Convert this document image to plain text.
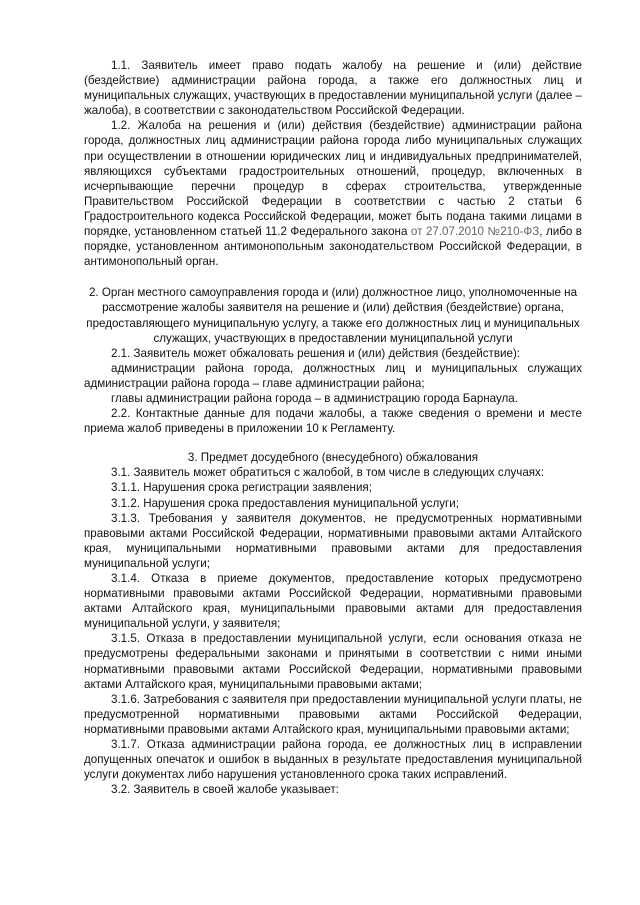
1.1. Заявитель имеет право подать жалобу на решение и (или) действие (бездействие) администрации района города, а также его должностных лиц и муниципальных служащих, участвующих в предоставлении муниципальной услуги (далее – жалоба), в соответствии с законодательством Российской Федерации.

1.2. Жалоба на решения и (или) действия (бездействие) администрации района города, должностных лиц администрации района города либо муниципальных служащих при осуществлении в отношении юридических лиц и индивидуальных предпринимателей, являющихся субъектами градостроительных отношений, процедур, включенных в исчерпывающие перечни процедур в сферах строительства, утвержденные Правительством Российской Федерации в соответствии с частью 2 статьи 6 Градостроительного кодекса Российской Федерации, может быть подана такими лицами в порядке, установленном статьей 11.2 Федерального закона от 27.07.2010 №210-ФЗ, либо в порядке, установленном антимонопольным законодательством Российской Федерации, в антимонопольный орган.

2. Орган местного самоуправления города и (или) должностное лицо, уполномоченные на рассмотрение жалобы заявителя на решение и (или) действия (бездействие) органа, предоставляющего муниципальную услугу, а также его должностных лиц и муниципальных служащих, участвующих в предоставлении муниципальной услуги

2.1. Заявитель может обжаловать решения и (или) действия (бездействие):

администрации района города, должностных лиц и муниципальных служащих администрации района города – главе администрации района;

главы администрации района города – в администрацию города Барнаула.

2.2. Контактные данные для подачи жалобы, а также сведения о времени и месте приема жалоб приведены в приложении 10 к Регламенту.

3. Предмет досудебного (внесудебного) обжалования

3.1. Заявитель может обратиться с жалобой, в том числе в следующих случаях:

3.1.1. Нарушения срока регистрации заявления;

3.1.2. Нарушения срока предоставления муниципальной услуги;

3.1.3. Требования у заявителя документов, не предусмотренных нормативными правовыми актами Российской Федерации, нормативными правовыми актами Алтайского края, муниципальными нормативными правовыми актами для предоставления муниципальной услуги;

3.1.4. Отказа в приеме документов, предоставление которых предусмотрено нормативными правовыми актами Российской Федерации, нормативными правовыми актами Алтайского края, муниципальными правовыми актами для предоставления муниципальной услуги, у заявителя;

3.1.5. Отказа в предоставлении муниципальной услуги, если основания отказа не предусмотрены федеральными законами и принятыми в соответствии с ними иными нормативными правовыми актами Российской Федерации, нормативными правовыми актами Алтайского края, муниципальными правовыми актами;

3.1.6. Затребования с заявителя при предоставлении муниципальной услуги платы, не предусмотренной нормативными правовыми актами Российской Федерации, нормативными правовыми актами Алтайского края, муниципальными правовыми актами;

3.1.7. Отказа администрации района города, ее должностных лиц в исправлении допущенных опечаток и ошибок в выданных в результате предоставления муниципальной услуги документах либо нарушения установленного срока таких исправлений.

3.2. Заявитель в своей жалобе указывает:
